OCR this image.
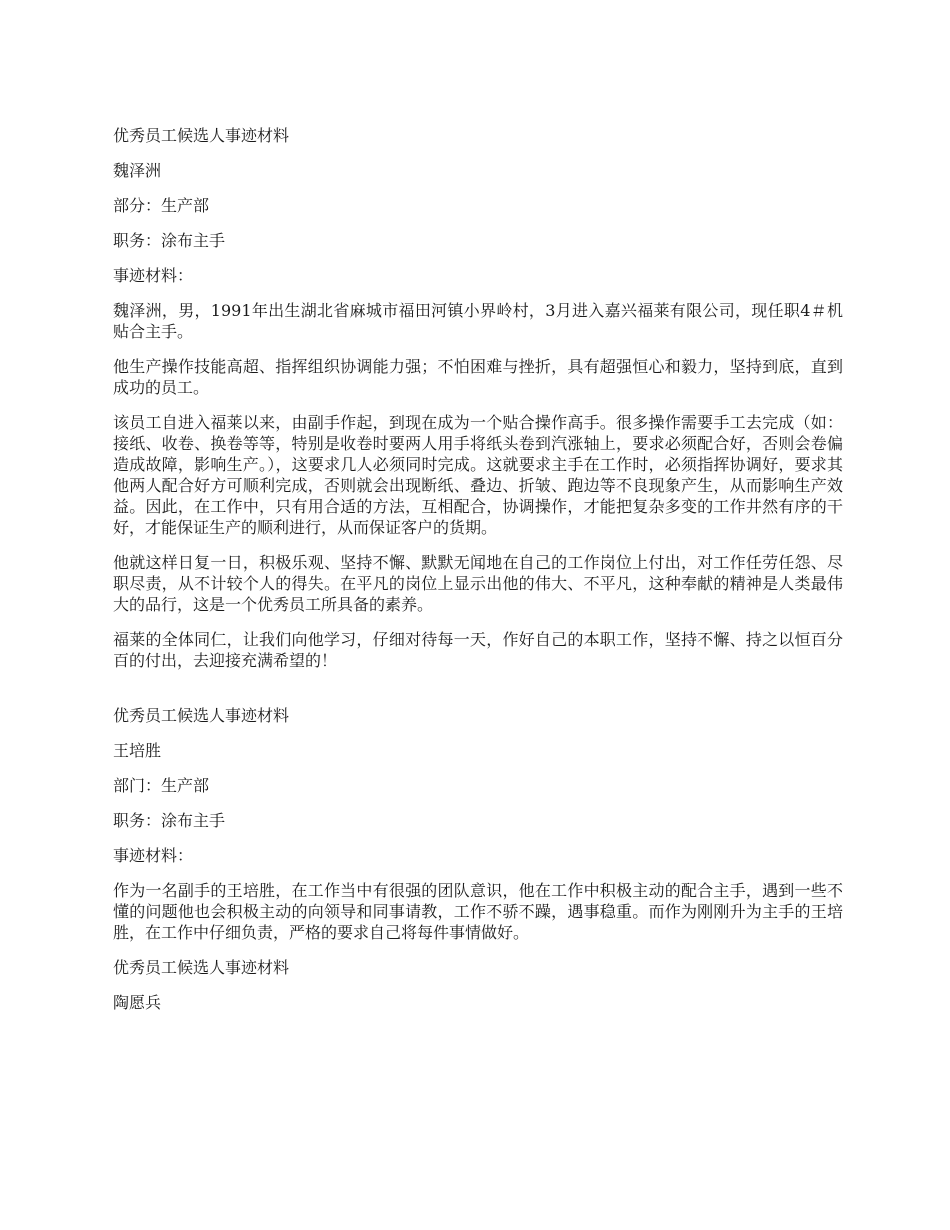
优秀员工候选人事迹材料
魏泽洲
部分：生产部
职务：涂布主手
事迹材料：
魏泽洲，男，1991年出生湖北省麻城市福田河镇小界岭村，3月进入嘉兴福莱有限公司，现任职4＃机贴合主手。
他生产操作技能高超、指挥组织协调能力强；不怕困难与挫折，具有超强恒心和毅力，坚持到底，直到成功的员工。
该员工自进入福莱以来，由副手作起，到现在成为一个贴合操作高手。很多操作需要手工去完成（如：接纸、收卷、换卷等等，特别是收卷时要两人用手将纸头卷到汽涨轴上，要求必须配合好，否则会卷偏造成故障，影响生产。），这要求几人必须同时完成。这就要求主手在工作时，必须指挥协调好，要求其他两人配合好方可顺利完成，否则就会出现断纸、叠边、折皱、跑边等不良现象产生，从而影响生产效益。因此，在工作中，只有用合适的方法，互相配合，协调操作，才能把复杂多变的工作井然有序的干好，才能保证生产的顺利进行，从而保证客户的货期。
他就这样日复一日，积极乐观、坚持不懈、默默无闻地在自己的工作岗位上付出，对工作任劳任怨、尽职尽责，从不计较个人的得失。在平凡的岗位上显示出他的伟大、不平凡，这种奉献的精神是人类最伟大的品行，这是一个优秀员工所具备的素养。
福莱的全体同仁，让我们向他学习，仔细对待每一天，作好自己的本职工作，坚持不懈、持之以恒百分百的付出，去迎接充满希望的！
优秀员工候选人事迹材料
王培胜
部门：生产部
职务：涂布主手
事迹材料：
作为一名副手的王培胜，在工作当中有很强的团队意识，他在工作中积极主动的配合主手，遇到一些不懂的问题他也会积极主动的向领导和同事请教，工作不骄不躁，遇事稳重。而作为刚刚升为主手的王培胜，在工作中仔细负责，严格的要求自己将每件事情做好。
优秀员工候选人事迹材料
陶愿兵
